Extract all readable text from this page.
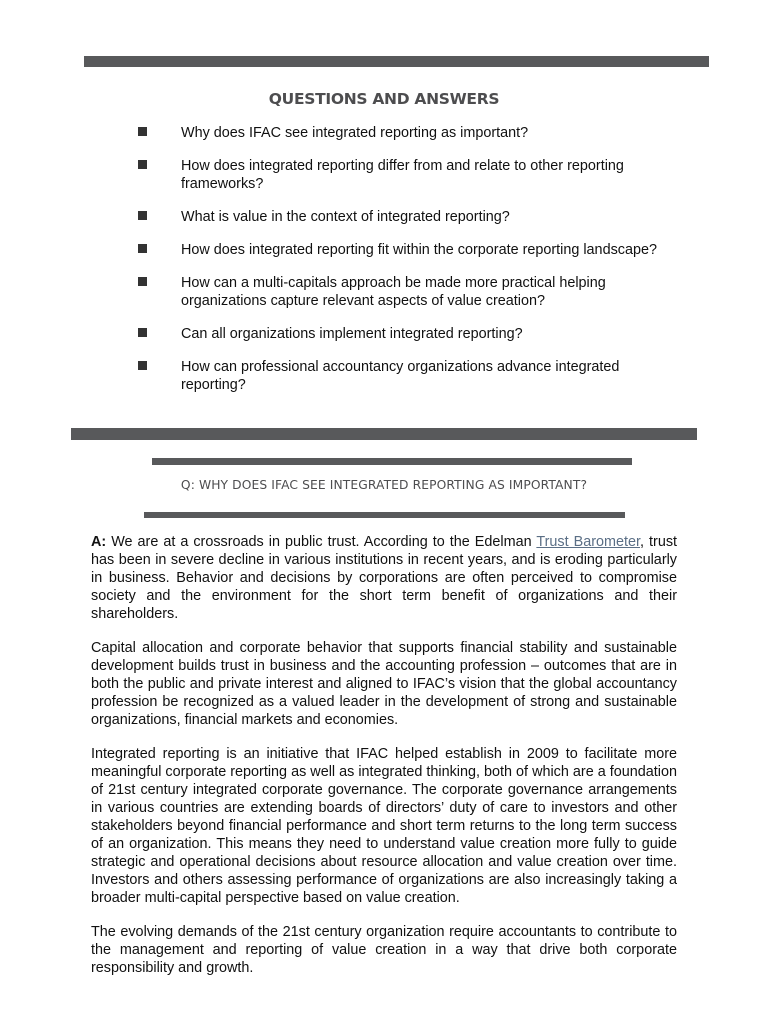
QUESTIONS AND ANSWERS
Why does IFAC see integrated reporting as important?
How does integrated reporting differ from and relate to other reporting frameworks?
What is value in the context of integrated reporting?
How does integrated reporting fit within the corporate reporting landscape?
How can a multi-capitals approach be made more practical helping organizations capture relevant aspects of value creation?
Can all organizations implement integrated reporting?
How can professional accountancy organizations advance integrated reporting?
Q: WHY DOES IFAC SEE INTEGRATED REPORTING AS IMPORTANT?

A: We are at a crossroads in public trust. According to the Edelman Trust Barometer, trust has been in severe decline in various institutions in recent years, and is eroding particularly in business. Behavior and decisions by corporations are often perceived to compromise society and the environment for the short term benefit of organizations and their shareholders.

Capital allocation and corporate behavior that supports financial stability and sustainable development builds trust in business and the accounting profession – outcomes that are in both the public and private interest and aligned to IFAC’s vision that the global accountancy profession be recognized as a valued leader in the development of strong and sustainable organizations, financial markets and economies.

Integrated reporting is an initiative that IFAC helped establish in 2009 to facilitate more meaningful corporate reporting as well as integrated thinking, both of which are a foundation of 21st century integrated corporate governance. The corporate governance arrangements in various countries are extending boards of directors’ duty of care to investors and other stakeholders beyond financial performance and short term returns to the long term success of an organization. This means they need to understand value creation more fully to guide strategic and operational decisions about resource allocation and value creation over time. Investors and others assessing performance of organizations are also increasingly taking a broader multi-capital perspective based on value creation.

The evolving demands of the 21st century organization require accountants to contribute to the management and reporting of value creation in a way that drive both corporate responsibility and growth.
